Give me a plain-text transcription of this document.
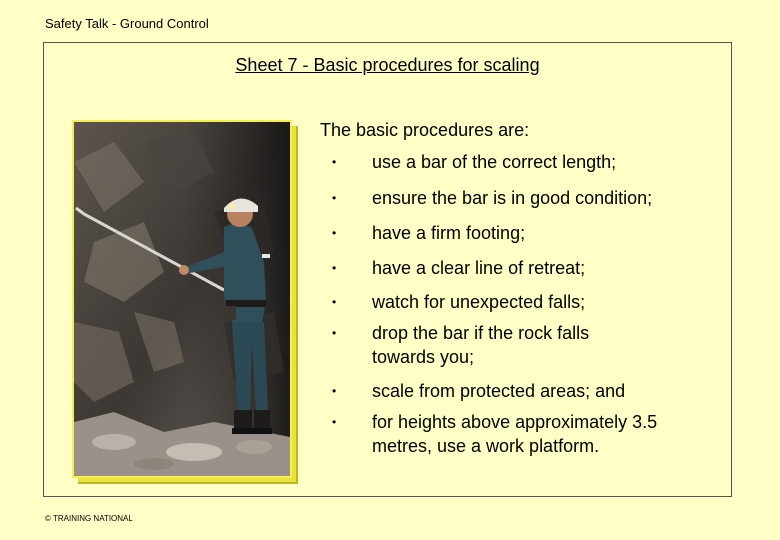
Safety Talk - Ground Control
Sheet 7 - Basic procedures for scaling
The basic procedures are:
•	use a bar of the correct length;
•	ensure the bar is in good condition;
•	have a firm footing;
•	have a clear line of retreat;
•	watch for unexpected falls;
•	drop the bar if the rock falls
towards you;
•	scale from protected areas; and
•	for heights above approximately 3.5
metres, use a work platform.
© TRAINING NATIONAL
